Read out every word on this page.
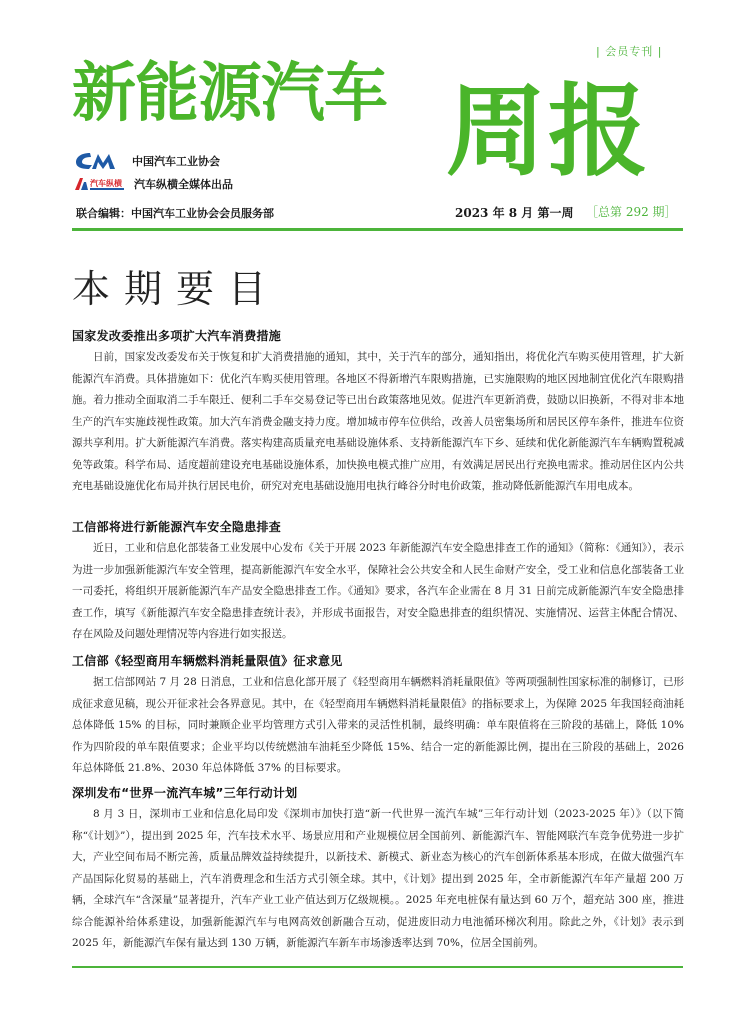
| 会员专刊 |
新能源汽车 周报
中国汽车工业协会
汽车纵横 汽车纵横全媒体出品
联合编辑：中国汽车工业协会会员服务部	2023 年 8 月 第一周 ［总第 292 期］
本期要目

国家发改委推出多项扩大汽车消费措施

日前，国家发改委发布关于恢复和扩大消费措施的通知，其中，关于汽车的部分，通知指出，将优化汽车购买使用管理，扩大新能源汽车消费。具体措施如下：优化汽车购买使用管理。各地区不得新增汽车限购措施，已实施限购的地区因地制宜优化汽车限购措施。着力推动全面取消二手车限迁、便利二手车交易登记等已出台政策落地见效。促进汽车更新消费，鼓励以旧换新，不得对非本地生产的汽车实施歧视性政策。加大汽车消费金融支持力度。增加城市停车位供给，改善人员密集场所和居民区停车条件，推进车位资源共享利用。扩大新能源汽车消费。落实构建高质量充电基础设施体系、支持新能源汽车下乡、延续和优化新能源汽车车辆购置税减免等政策。科学布局、适度超前建设充电基础设施体系，加快换电模式推广应用，有效满足居民出行充换电需求。推动居住区内公共充电基础设施优化布局并执行居民电价，研究对充电基础设施用电执行峰谷分时电价政策，推动降低新能源汽车用电成本。

工信部将进行新能源汽车安全隐患排查

近日，工业和信息化部装备工业发展中心发布《关于开展 2023 年新能源汽车安全隐患排查工作的通知》（简称：《通知》），表示为进一步加强新能源汽车安全管理，提高新能源汽车安全水平，保障社会公共安全和人民生命财产安全，受工业和信息化部装备工业一司委托，将组织开展新能源汽车产品安全隐患排查工作。《通知》要求，各汽车企业需在 8 月 31 日前完成新能源汽车安全隐患排查工作，填写《新能源汽车安全隐患排查统计表》，并形成书面报告，对安全隐患排查的组织情况、实施情况、运营主体配合情况、存在风险及问题处理情况等内容进行如实报送。

工信部《轻型商用车辆燃料消耗量限值》征求意见

据工信部网站 7 月 28 日消息，工业和信息化部开展了《轻型商用车辆燃料消耗量限值》等两项强制性国家标准的制修订，已形成征求意见稿，现公开征求社会各界意见。其中，在《轻型商用车辆燃料消耗量限值》的指标要求上，为保障 2025 年我国轻商油耗总体降低 15% 的目标，同时兼顾企业平均管理方式引入带来的灵活性机制，最终明确：单车限值将在三阶段的基础上，降低 10% 作为四阶段的单车限值要求；企业平均以传统燃油车油耗至少降低 15%、结合一定的新能源比例，提出在三阶段的基础上，2026 年总体降低 21.8%、2030 年总体降低 37% 的目标要求。

深圳发布“世界一流汽车城”三年行动计划

8 月 3 日，深圳市工业和信息化局印发《深圳市加快打造“新一代世界一流汽车城”三年行动计划（2023-2025 年）》（以下简称“《计划》”），提出到 2025 年，汽车技术水平、场景应用和产业规模位居全国前列、新能源汽车、智能网联汽车竞争优势进一步扩大，产业空间布局不断完善，质量品牌效益持续提升，以新技术、新模式、新业态为核心的汽车创新体系基本形成，在做大做强汽车产品国际化贸易的基础上，汽车消费理念和生活方式引领全球。其中，《计划》提出到 2025 年，全市新能源汽车年产量超 200 万辆，全球汽车“含深量”显著提升，汽车产业工业产值达到万亿级规模。。2025 年充电桩保有量达到 60 万个，超充站 300 座，推进综合能源补给体系建设，加强新能源汽车与电网高效创新融合互动，促进废旧动力电池循环梯次利用。除此之外，《计划》表示到 2025 年，新能源汽车保有量达到 130 万辆，新能源汽车新车市场渗透率达到 70%，位居全国前列。
